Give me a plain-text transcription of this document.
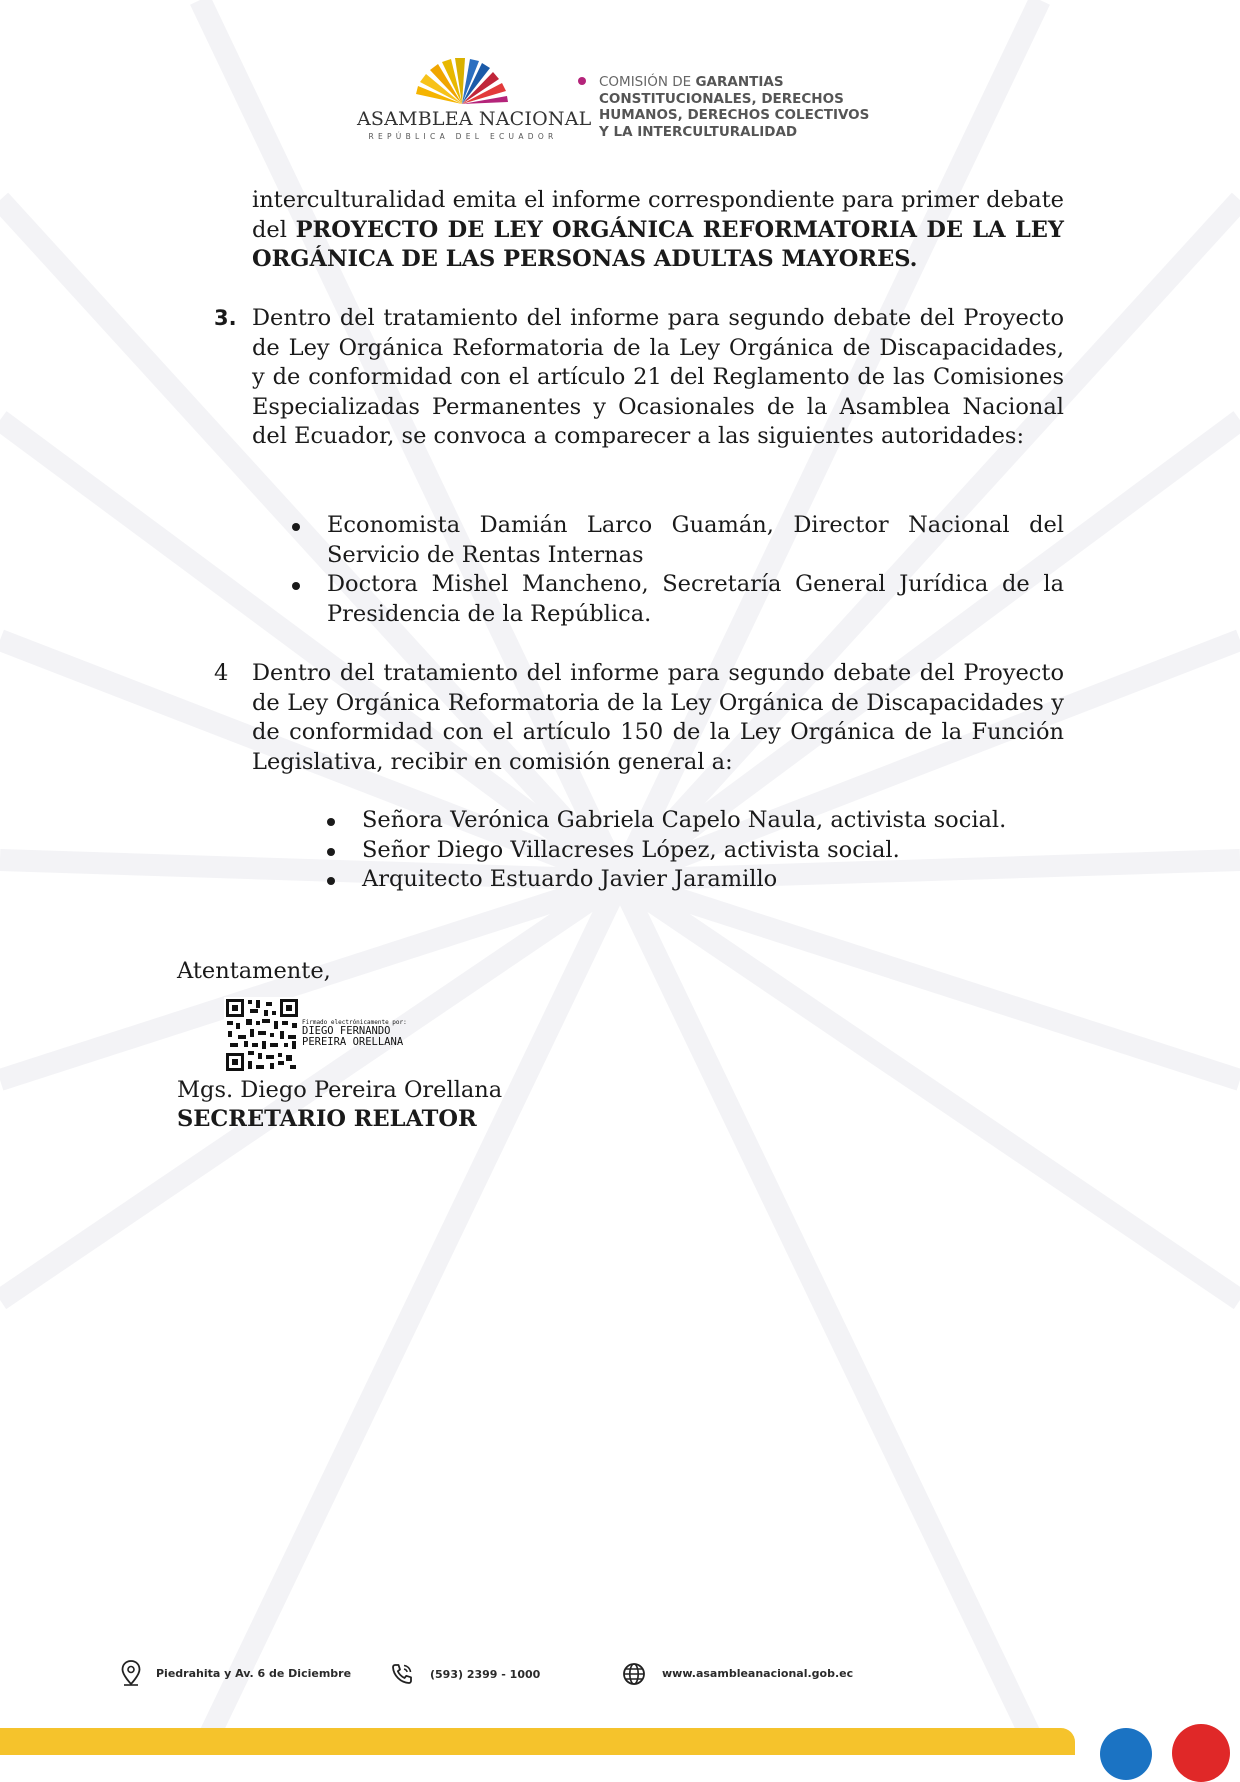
ASAMBLEA NACIONAL
REPÚBLICA DEL ECUADOR
COMISIÓN DE GARANTIAS
CONSTITUCIONALES, DERECHOS
HUMANOS, DERECHOS COLECTIVOS
Y LA INTERCULTURALIDAD
interculturalidad emita el informe correspondiente para primer debate del PROYECTO DE LEY ORGÁNICA REFORMATORIA DE LA LEY ORGÁNICA DE LAS PERSONAS ADULTAS MAYORES.
3. Dentro del tratamiento del informe para segundo debate del Proyecto de Ley Orgánica Reformatoria de la Ley Orgánica de Discapacidades, y de conformidad con el artículo 21 del Reglamento de las Comisiones Especializadas Permanentes y Ocasionales de la Asamblea Nacional del Ecuador, se convoca a comparecer a las siguientes autoridades:
Economista Damián Larco Guamán, Director Nacional del Servicio de Rentas Internas
Doctora Mishel Mancheno, Secretaría General Jurídica de la Presidencia de la República.
4 Dentro del tratamiento del informe para segundo debate del Proyecto de Ley Orgánica Reformatoria de la Ley Orgánica de Discapacidades y de conformidad con el artículo 150 de la Ley Orgánica de la Función Legislativa, recibir en comisión general a:
Señora Verónica Gabriela Capelo Naula, activista social.
Señor Diego Villacreses López, activista social.
Arquitecto Estuardo Javier Jaramillo
Atentamente,
Firmado electrónicamente por:
DIEGO FERNANDO
PEREIRA ORELLANA
Mgs. Diego Pereira Orellana
SECRETARIO RELATOR
Piedrahita y Av. 6 de Diciembre	(593) 2399 - 1000	www.asambleanacional.gob.ec
